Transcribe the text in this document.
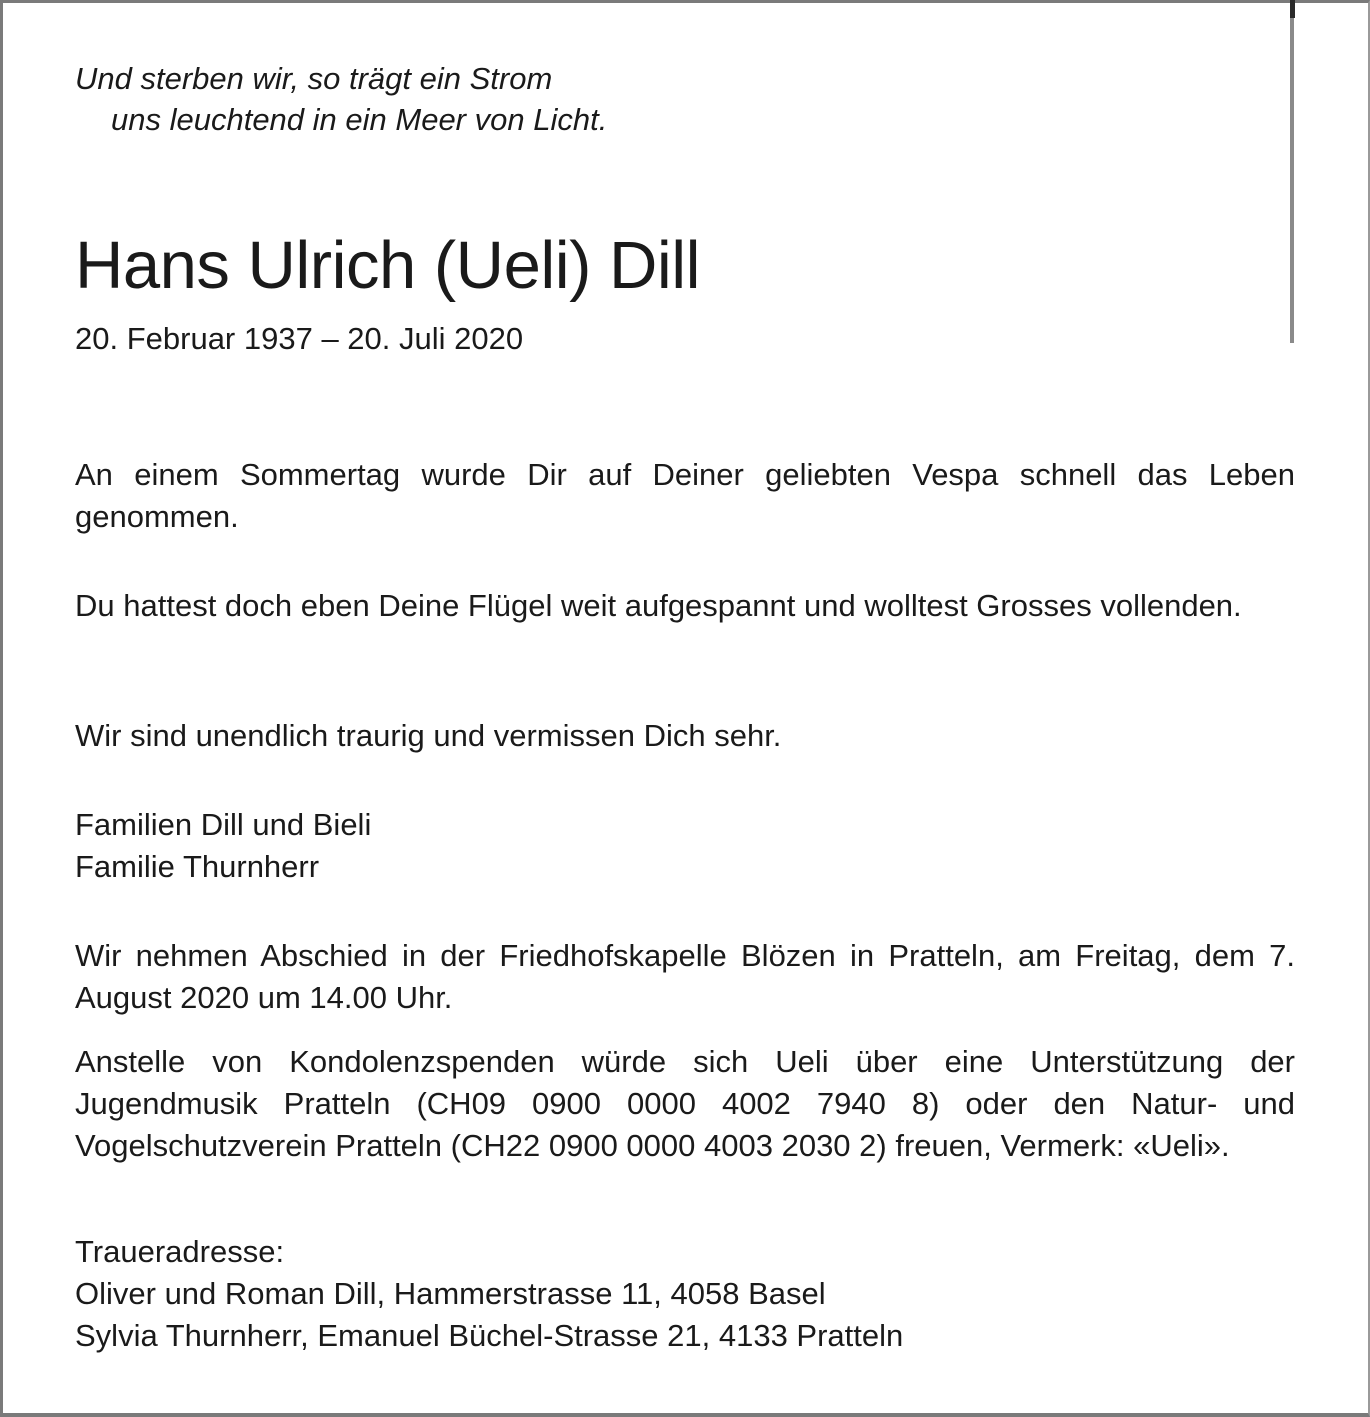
Und sterben wir, so trägt ein Strom
uns leuchtend in ein Meer von Licht.

Hans Ulrich (Ueli) Dill

20. Februar 1937 – 20. Juli 2020

An einem Sommertag wurde Dir auf Deiner geliebten Vespa schnell das Leben genommen.

Du hattest doch eben Deine Flügel weit aufgespannt und wolltest Grosses vollenden.

Wir sind unendlich traurig und vermissen Dich sehr.

Familien Dill und Bieli
Familie Thurnherr

Wir nehmen Abschied in der Friedhofskapelle Blözen in Pratteln, am Freitag, dem 7. August 2020 um 14.00 Uhr.

Anstelle von Kondolenzspenden würde sich Ueli über eine Unterstützung der Jugendmusik Pratteln (CH09 0900 0000 4002 7940 8) oder den Natur- und Vogelschutzverein Pratteln (CH22 0900 0000 4003 2030 2) freuen, Vermerk: «Ueli».

Traueradresse:
Oliver und Roman Dill, Hammerstrasse 11, 4058 Basel
Sylvia Thurnherr, Emanuel Büchel-Strasse 21, 4133 Pratteln
